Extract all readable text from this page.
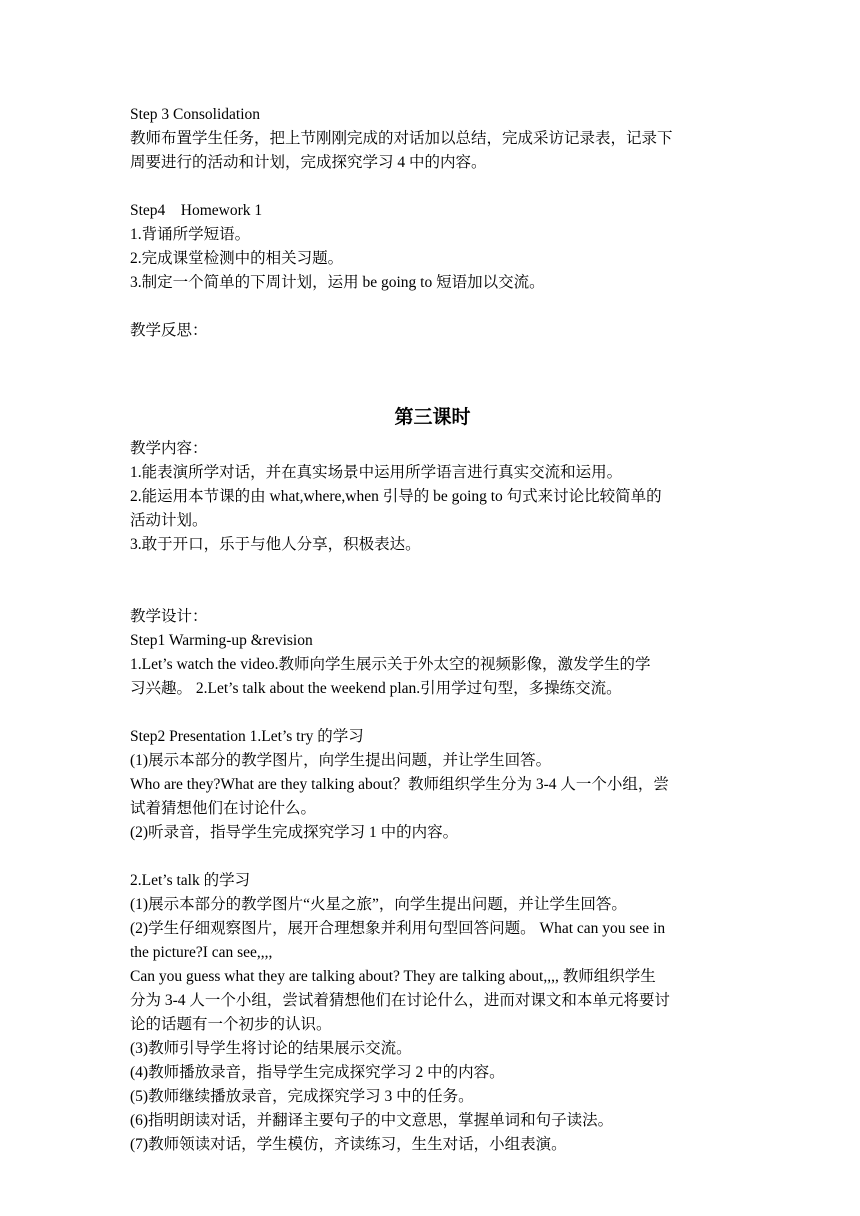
Step 3 Consolidation
教师布置学生任务，把上节刚刚完成的对话加以总结，完成采访记录表，记录下
周要进行的活动和计划，完成探究学习 4 中的内容。
Step4　Homework 1
1.背诵所学短语。
2.完成课堂检测中的相关习题。
3.制定一个简单的下周计划，运用 be going to 短语加以交流。
教学反思：
第三课时
教学内容：
1.能表演所学对话，并在真实场景中运用所学语言进行真实交流和运用。
2.能运用本节课的由 what,where,when 引导的 be going to 句式来讨论比较简单的
活动计划。
3.敢于开口，乐于与他人分享，积极表达。
教学设计：
Step1 Warming-up &revision
1.Let’s watch the video.教师向学生展示关于外太空的视频影像，激发学生的学
习兴趣。 2.Let’s talk about the weekend plan.引用学过句型，多操练交流。
Step2 Presentation 1.Let’s try 的学习
(1)展示本部分的教学图片，向学生提出问题，并让学生回答。
Who are they?What are they talking about？教师组织学生分为 3-4 人一个小组，尝
试着猜想他们在讨论什么。
(2)听录音，指导学生完成探究学习 1 中的内容。
2.Let’s talk 的学习
(1)展示本部分的教学图片“火星之旅”，向学生提出问题，并让学生回答。
(2)学生仔细观察图片，展开合理想象并利用句型回答问题。 What can you see in
the picture?I can see,,,,
Can you guess what they are talking about? They are talking about,,,, 教师组织学生
分为 3-4 人一个小组，尝试着猜想他们在讨论什么，进而对课文和本单元将要讨
论的话题有一个初步的认识。
(3)教师引导学生将讨论的结果展示交流。
(4)教师播放录音，指导学生完成探究学习 2 中的内容。
(5)教师继续播放录音，完成探究学习 3 中的任务。
(6)指明朗读对话，并翻译主要句子的中文意思，掌握单词和句子读法。
(7)教师领读对话，学生模仿，齐读练习，生生对话，小组表演。
